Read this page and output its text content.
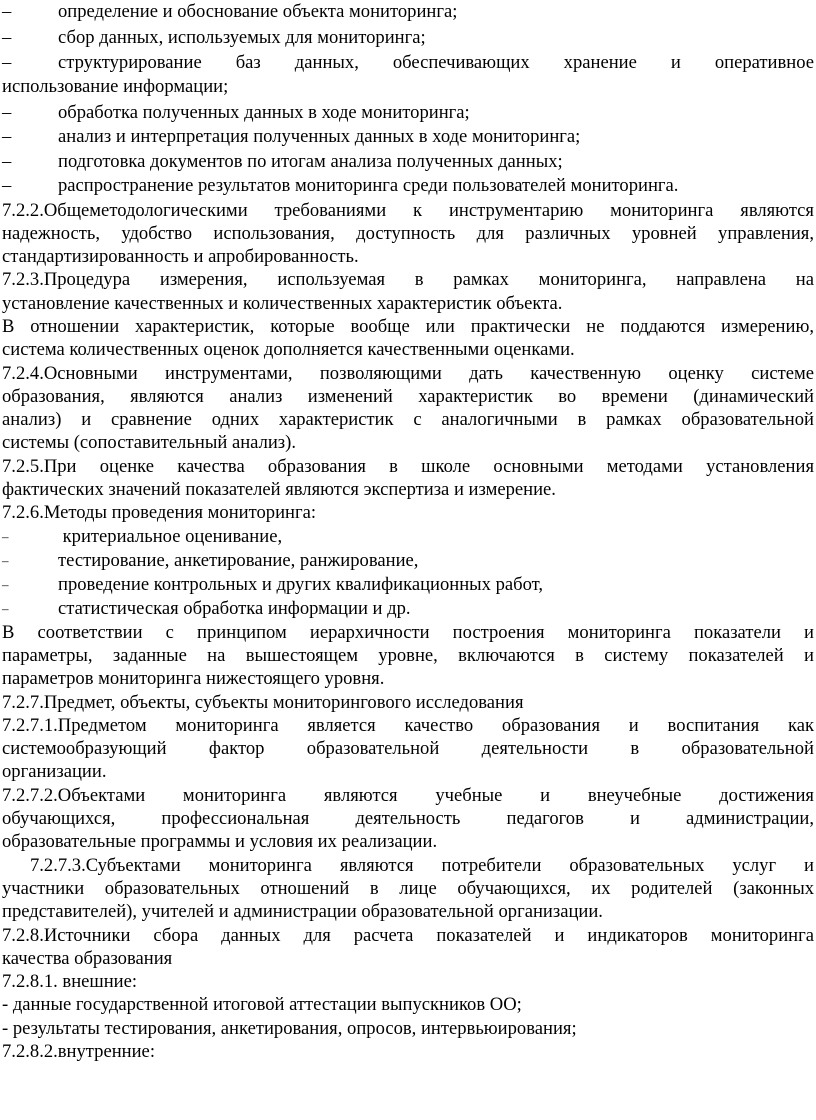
–	определение и обоснование объекта мониторинга;
–	сбор данных, используемых для мониторинга;
–	структурирование баз данных, обеспечивающих хранение и оперативное
использование информации;
–	обработка полученных данных в ходе мониторинга;
–	анализ и интерпретация полученных данных в ходе мониторинга;
–	подготовка документов по итогам анализа полученных данных;
–	распространение результатов мониторинга среди пользователей мониторинга.
7.2.2.Общеметодологическими требованиями к инструментарию мониторинга являются
надежность, удобство использования, доступность для различных уровней управления,
стандартизированность и апробированность.
7.2.3.Процедура измерения, используемая в рамках мониторинга, направлена на
установление качественных и количественных характеристик объекта.
В отношении характеристик, которые вообще или практически не поддаются измерению,
система количественных оценок дополняется качественными оценками.
7.2.4.Основными инструментами, позволяющими дать качественную оценку системе
образования, являются анализ изменений характеристик во времени (динамический
анализ) и сравнение одних характеристик с аналогичными в рамках образовательной
системы (сопоставительный анализ).
7.2.5.При оценке качества образования в школе основными методами установления
фактических значений показателей являются экспертиза и измерение.
7.2.6.Методы проведения мониторинга:
–	критериальное оценивание,
–	тестирование, анкетирование, ранжирование,
–	проведение контрольных и других квалификационных работ,
–	статистическая обработка информации и др.
В соответствии с принципом иерархичности построения мониторинга показатели и
параметры, заданные на вышестоящем уровне, включаются в систему показателей и
параметров мониторинга нижестоящего уровня.
7.2.7.Предмет, объекты, субъекты мониторингового исследования
7.2.7.1.Предметом мониторинга является качество образования и воспитания как
системообразующий фактор образовательной деятельности в образовательной
организации.
7.2.7.2.Объектами мониторинга являются учебные и внеучебные достижения
обучающихся, профессиональная деятельность педагогов и администрации,
образовательные программы и условия их реализации.
7.2.7.3.Субъектами мониторинга являются потребители образовательных услуг и
участники образовательных отношений в лице обучающихся, их родителей (законных
представителей), учителей и администрации образовательной организации.
7.2.8.Источники сбора данных для расчета показателей и индикаторов мониторинга
качества образования
7.2.8.1. внешние:
- данные государственной итоговой аттестации выпускников ОО;
- результаты тестирования, анкетирования, опросов, интервьюирования;
7.2.8.2.внутренние:
